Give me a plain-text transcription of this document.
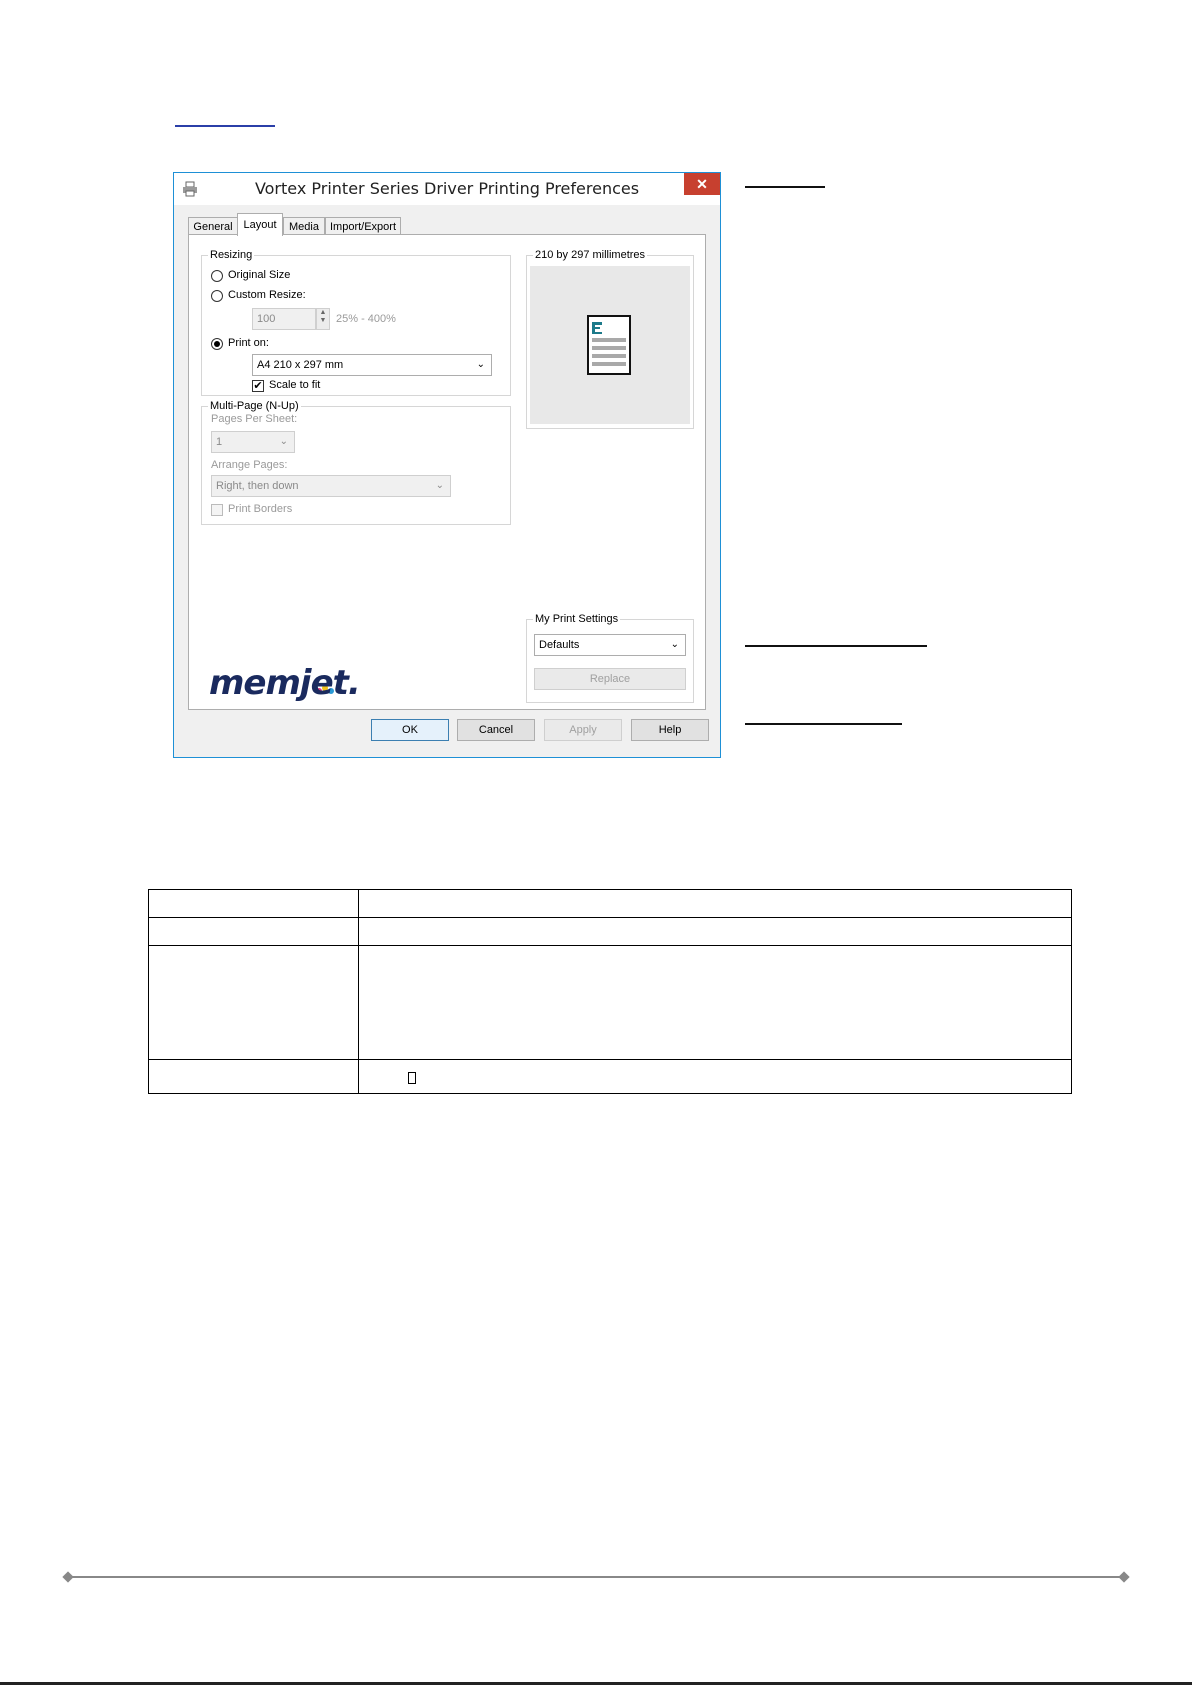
Vortex Printer Series Driver Printing Preferences	✕
General Layout	Media	Import/Export
Resizing
Original Size
Custom Resize:
100
▲
▼ 25% - 400%
Print on:
A4 210 x 297 mm	⌄
✔ Scale to fit
Multi-Page (N-Up)
Pages Per Sheet:
1	⌄
Arrange Pages:
Right, then down	⌄
Print Borders
210 by 297 millimetres
My Print Settings
Defaults	⌄
Replace
memjet.
OK	Cancel	Apply	Help
